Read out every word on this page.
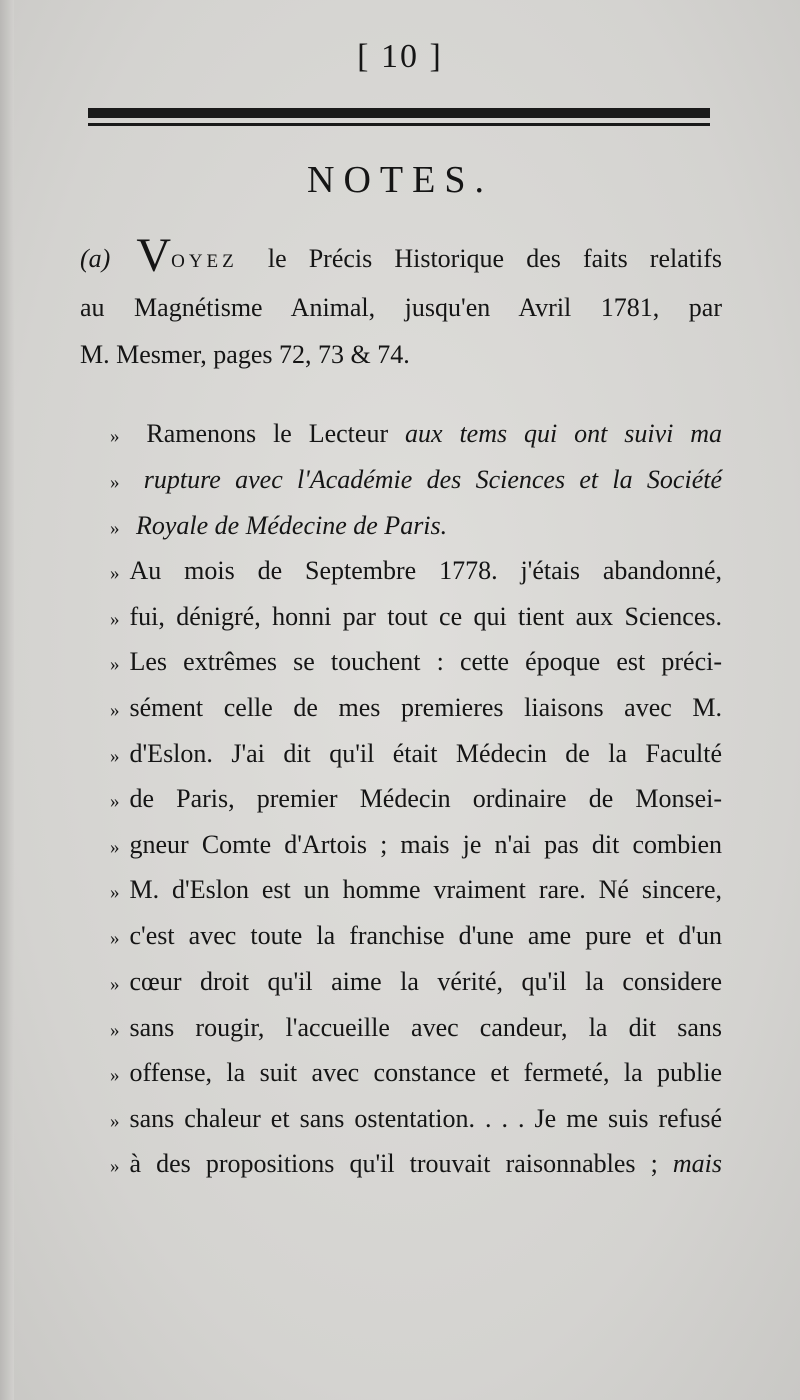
[ 10 ]
NOTES.
(a) VOYEZ le Précis Historique des faits relatifs
au Magnétisme Animal, jusqu'en Avril 1781, par
M. Mesmer, pages 72, 73 & 74.
» Ramenons le Lecteur aux tems qui ont suivi ma
» rupture avec l'Académie des Sciences et la Société
» Royale de Médecine de Paris.
» Au mois de Septembre 1778. j'étais abandonné,
» fui, dénigré, honni par tout ce qui tient aux Sciences.
» Les extrêmes se touchent : cette époque est préci-
» sément celle de mes premieres liaisons avec M.
» d'Eslon. J'ai dit qu'il était Médecin de la Faculté
» de Paris, premier Médecin ordinaire de Monsei-
» gneur Comte d'Artois ; mais je n'ai pas dit combien
» M. d'Eslon est un homme vraiment rare. Né sincere,
» c'est avec toute la franchise d'une ame pure et d'un
» cœur droit qu'il aime la vérité, qu'il la considere
» sans rougir, l'accueille avec candeur, la dit sans
» offense, la suit avec constance et fermeté, la publie
» sans chaleur et sans ostentation. . . . Je me suis refusé
» à des propositions qu'il trouvait raisonnables ; mais
